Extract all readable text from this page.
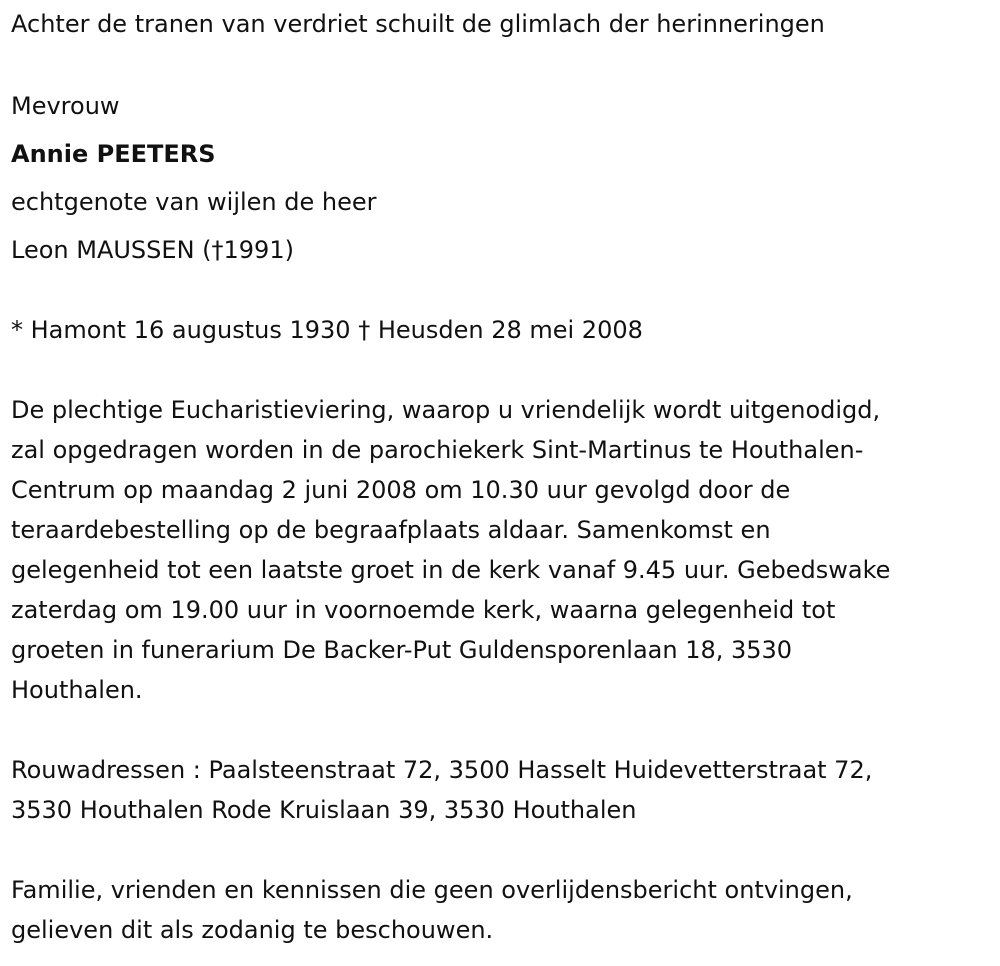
Achter de tranen van verdriet schuilt de glimlach der herinneringen

Mevrouw

Annie PEETERS

echtgenote van wijlen de heer

Leon MAUSSEN (†1991)

* Hamont 16 augustus 1930 † Heusden 28 mei 2008

De plechtige Eucharistieviering, waarop u vriendelijk wordt uitgenodigd,
zal opgedragen worden in de parochiekerk Sint-Martinus te Houthalen-
Centrum op maandag 2 juni 2008 om 10.30 uur gevolgd door de
teraardebestelling op de begraafplaats aldaar. Samenkomst en
gelegenheid tot een laatste groet in de kerk vanaf 9.45 uur. Gebedswake
zaterdag om 19.00 uur in voornoemde kerk, waarna gelegenheid tot
groeten in funerarium De Backer-Put Guldensporenlaan 18, 3530
Houthalen.
Rouwadressen : Paalsteenstraat 72, 3500 Hasselt Huidevetterstraat 72,
3530 Houthalen Rode Kruislaan 39, 3530 Houthalen
Familie, vrienden en kennissen die geen overlijdensbericht ontvingen,
gelieven dit als zodanig te beschouwen.
